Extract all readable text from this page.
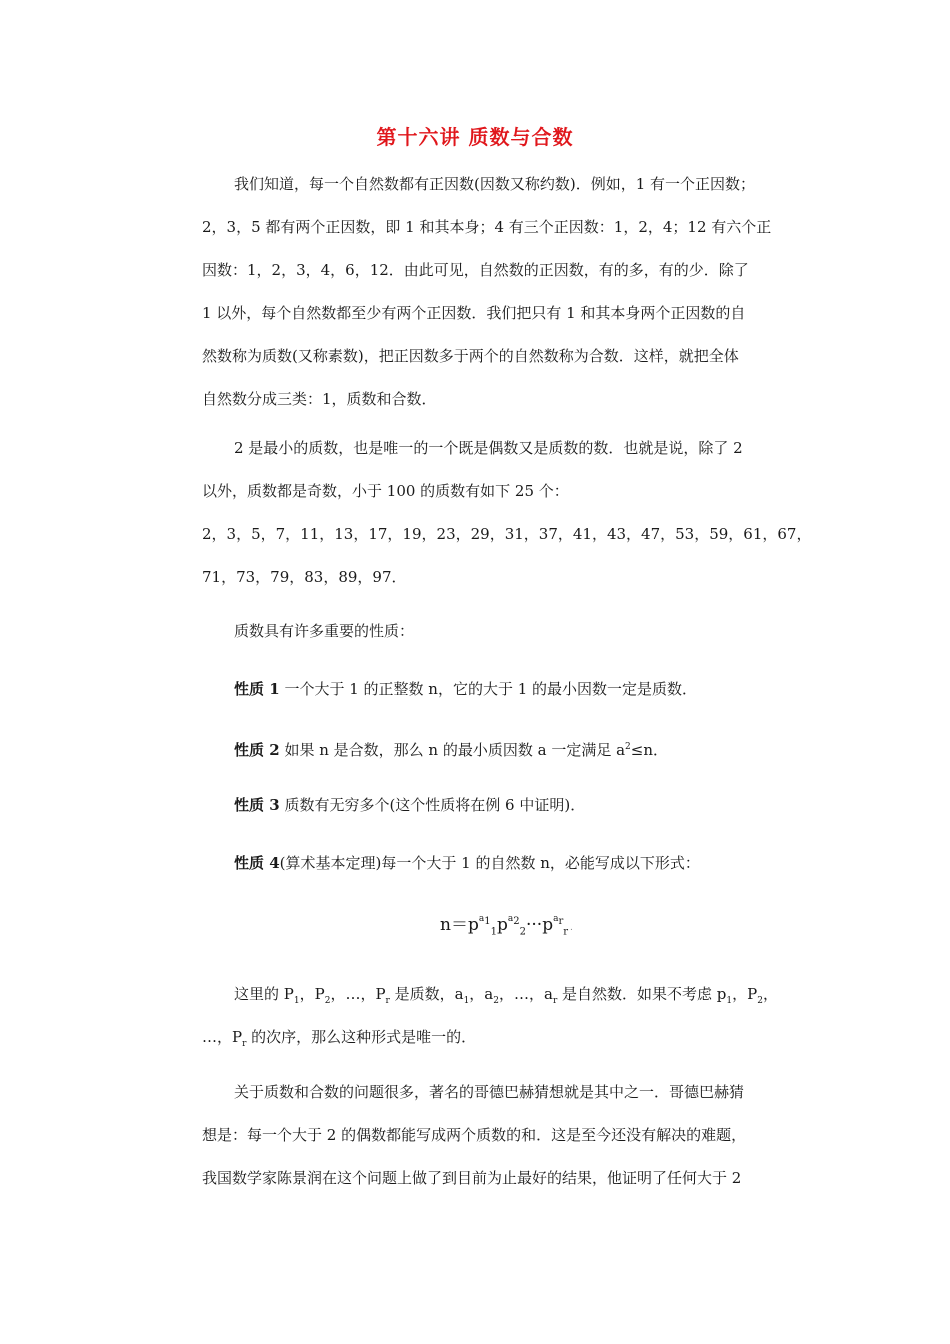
第十六讲 质数与合数
我们知道，每一个自然数都有正因数(因数又称约数)．例如，1 有一个正因数；
2，3，5 都有两个正因数，即 1 和其本身；4 有三个正因数：1，2，4；12 有六个正
因数：1，2，3，4，6，12．由此可见，自然数的正因数，有的多，有的少．除了
1 以外，每个自然数都至少有两个正因数．我们把只有 1 和其本身两个正因数的自
然数称为质数(又称素数)，把正因数多于两个的自然数称为合数．这样，就把全体
自然数分成三类：1，质数和合数．
2 是最小的质数，也是唯一的一个既是偶数又是质数的数．也就是说，除了 2
以外，质数都是奇数，小于 100 的质数有如下 25 个：
2，3，5，7，11，13，17，19，23，29，31，37，41，43，47，53，59，61，67，
71，73，79，83，89，97．
质数具有许多重要的性质：
性质 1 一个大于 1 的正整数 n，它的大于 1 的最小因数一定是质数．
性质 2 如果 n 是合数，那么 n 的最小质因数 a 一定满足 $a^2\le n$．
性质 3 质数有无穷多个(这个性质将在例 6 中证明)．
性质 4(算术基本定理)每一个大于 1 的自然数 n，必能写成以下形式：
$n=p^{a_1}_1p^{a_2}_2\cdot\cdot\cdot p^{a_r}_r$ .
这里的 $P_1$，$P_2$，…，$P_r$ 是质数，$a_1$，$a_2$，…，$a_r$ 是自然数．如果不考虑 $p_1$，$P_2$，
…，$P_r$ 的次序，那么这种形式是唯一的．
关于质数和合数的问题很多，著名的哥德巴赫猜想就是其中之一．哥德巴赫猜
想是：每一个大于 2 的偶数都能写成两个质数的和．这是至今还没有解决的难题，
我国数学家陈景润在这个问题上做了到目前为止最好的结果，他证明了任何大于 2
